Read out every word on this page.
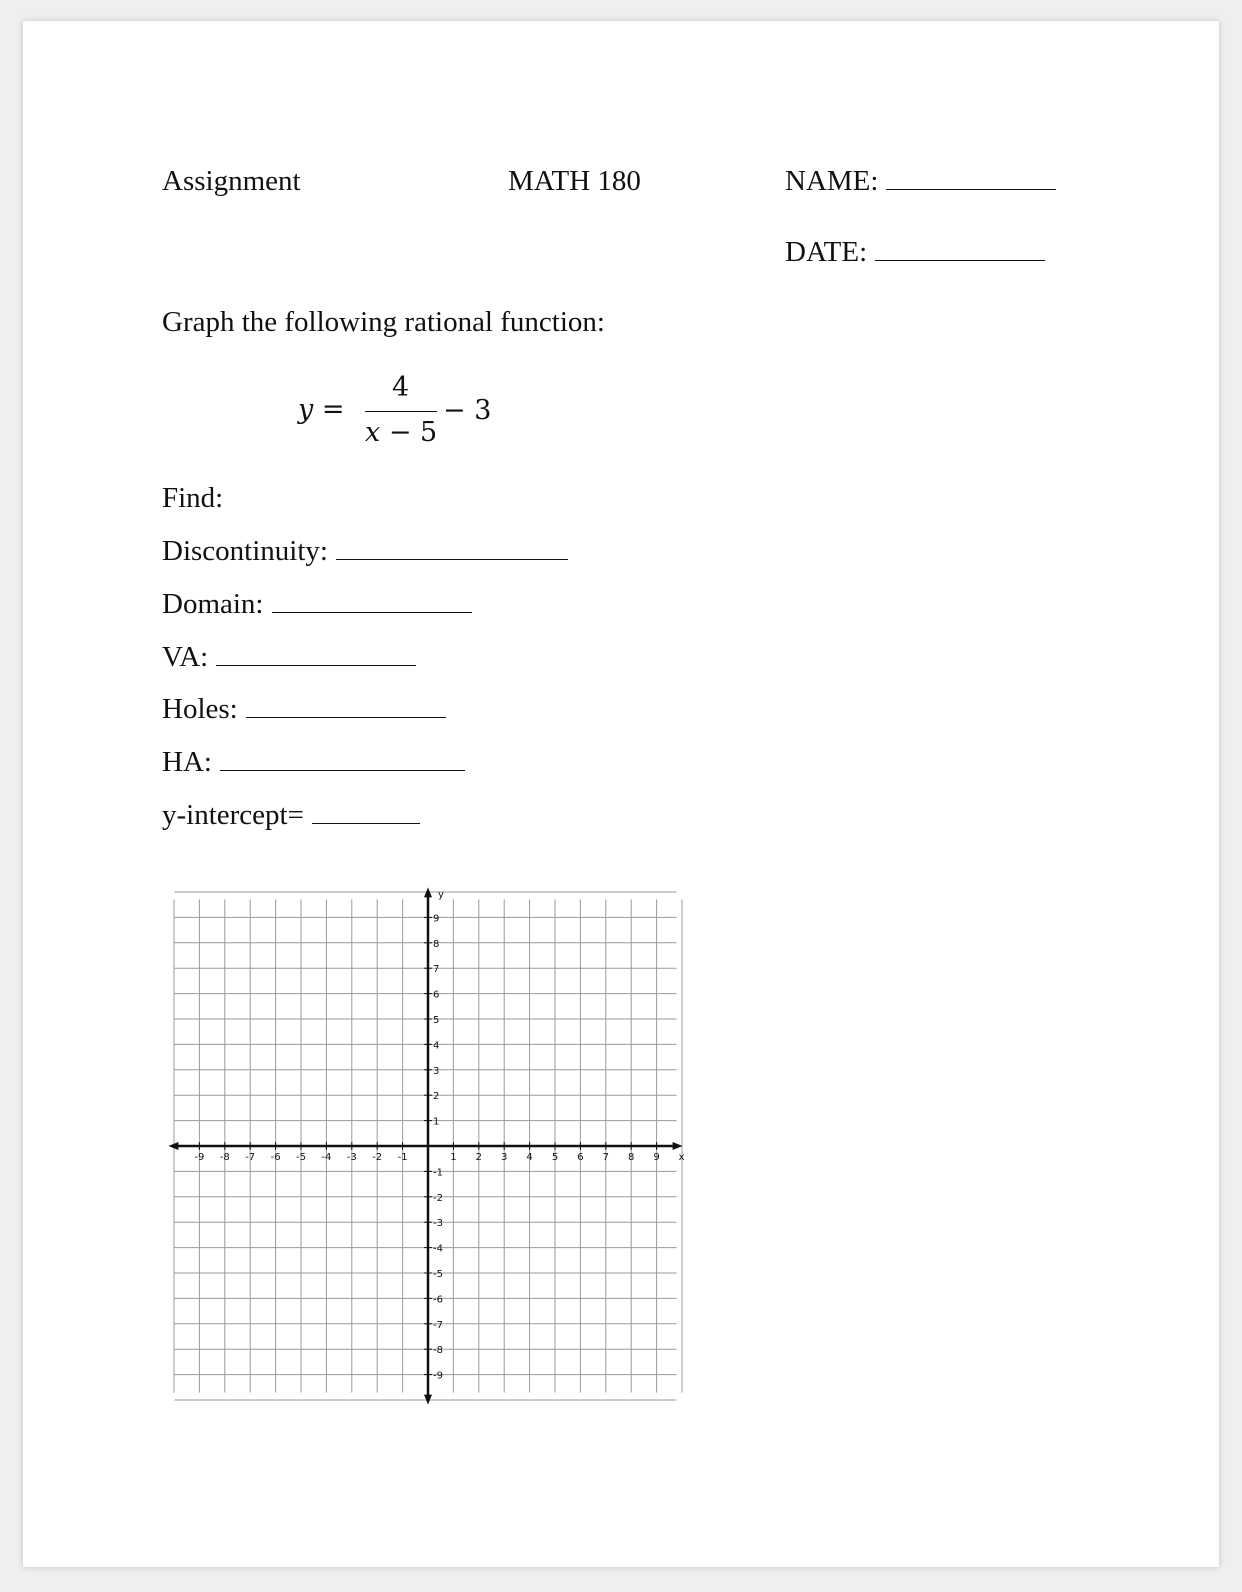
Assignment	MATH 180	NAME:
DATE:
Graph the following rational function:
y =
4
x − 5
− 3
Find:
Discontinuity:
Domain:
VA:
Holes:
HA:
y-intercept=
-9 -8 -7 -6 -5 -4 -3 -2 -1	1 2 3 4 5 6 7 8 9
9
8
7
6
5
4
3
2
1
-1
-2
-3
-4
-5
-6
-7
-8
-9
x
y
